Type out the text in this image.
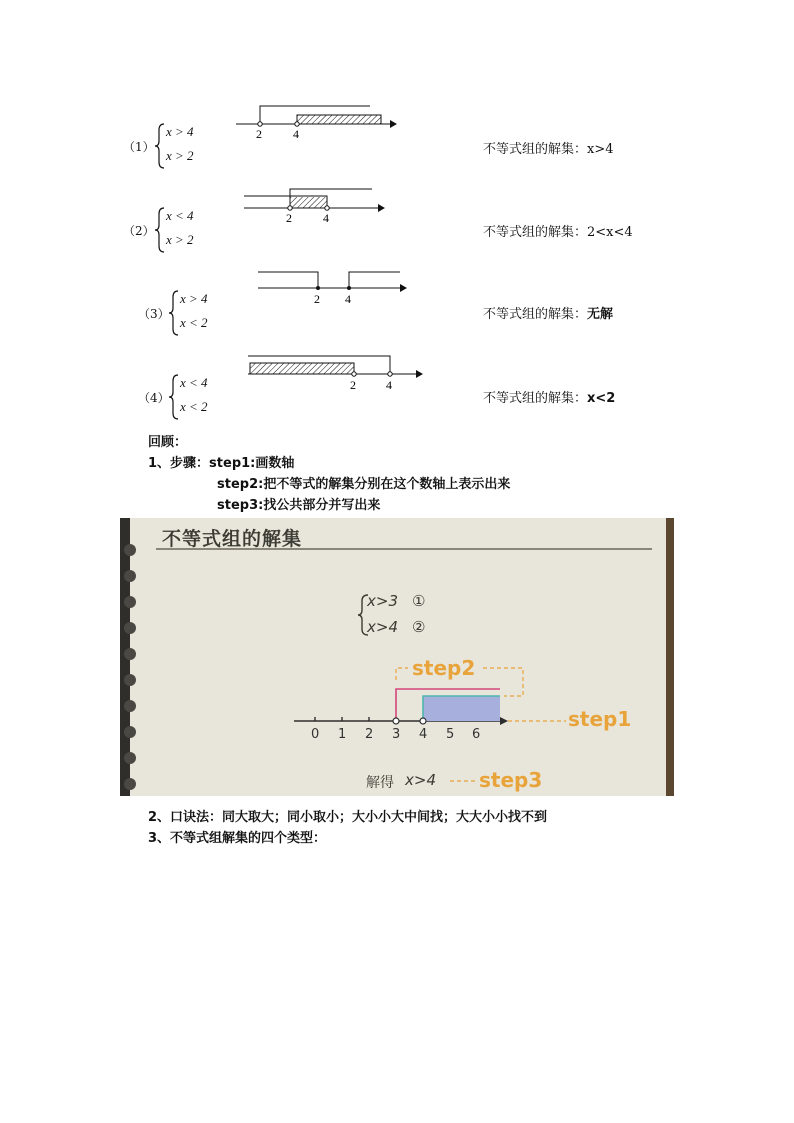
（1）
x > 4
x > 2
2	4
不等式组的解集：x>4
（2）
x < 4
x > 2
2	4
不等式组的解集：2<x<4
（3）
x > 4
x < 2
2 4
不等式组的解集：无解
（4）
x < 4
x < 2
2	4
不等式组的解集：x<2
回顾：
1、步骤：step1:画数轴
step2:把不等式的解集分别在这个数轴上表示出来
step3:找公共部分并写出来
不等式组的解集
x>3 ①
x>4 ②
0 1 2 3 4 5 6
step2
step1
step3
解得 x>4
2、口诀法：同大取大；同小取小；大小小大中间找；大大小小找不到
3、不等式组解集的四个类型：
